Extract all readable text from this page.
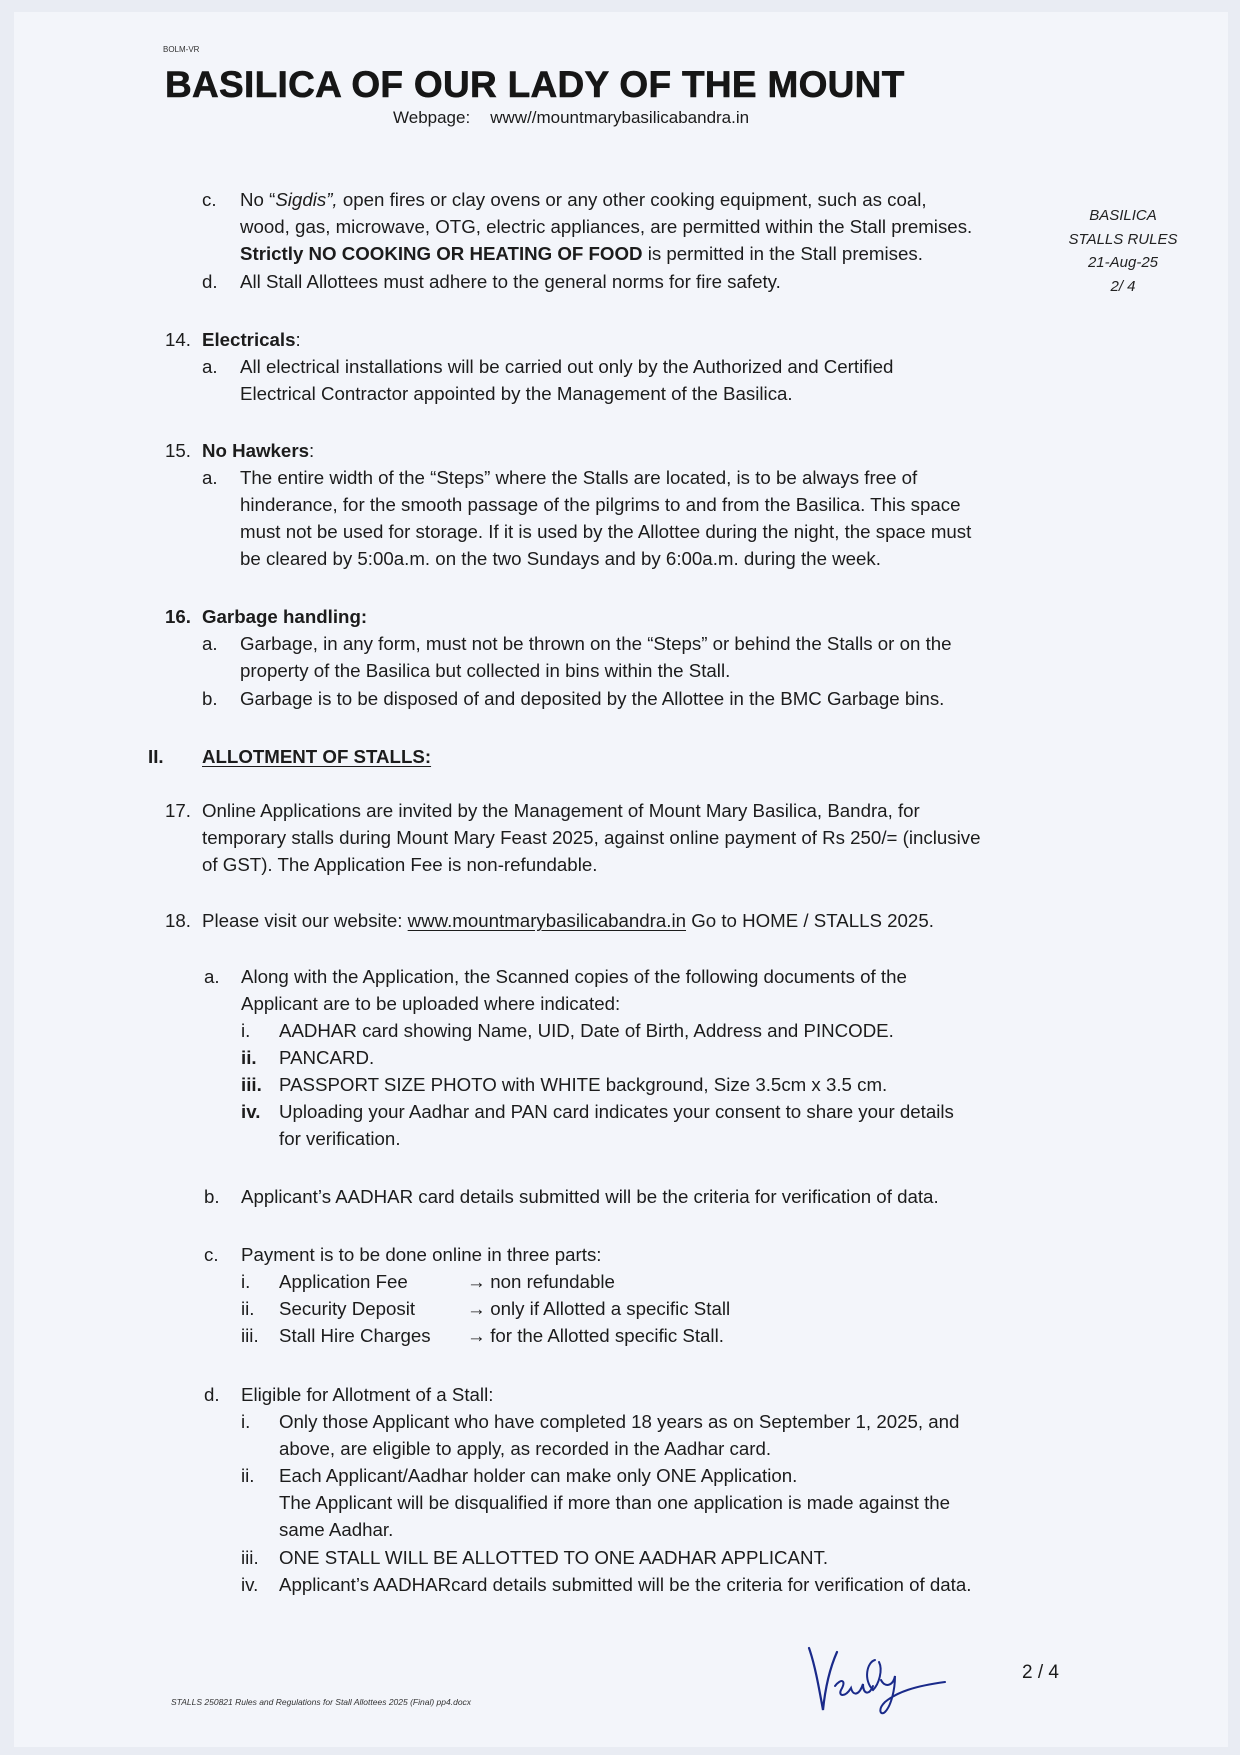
BOLM-VR
BASILICA OF OUR LADY OF THE MOUNT
Webpage: www//mountmarybasilicabandra.in
BASILICA
STALLS RULES
21-Aug-25
2/ 4
c. No “Sigdis”, open fires or clay ovens or any other cooking equipment, such as coal,
wood, gas, microwave, OTG, electric appliances, are permitted within the Stall premises.
Strictly NO COOKING OR HEATING OF FOOD is permitted in the Stall premises.
d. All Stall Allottees must adhere to the general norms for fire safety.
14. Electricals:
a. All electrical installations will be carried out only by the Authorized and Certified
Electrical Contractor appointed by the Management of the Basilica.
15. No Hawkers:
a. The entire width of the “Steps” where the Stalls are located, is to be always free of
hinderance, for the smooth passage of the pilgrims to and from the Basilica. This space
must not be used for storage. If it is used by the Allottee during the night, the space must
be cleared by 5:00a.m. on the two Sundays and by 6:00a.m. during the week.
16. Garbage handling:
a. Garbage, in any form, must not be thrown on the “Steps” or behind the Stalls or on the
property of the Basilica but collected in bins within the Stall.
b. Garbage is to be disposed of and deposited by the Allottee in the BMC Garbage bins.
II. ALLOTMENT OF STALLS:
17. Online Applications are invited by the Management of Mount Mary Basilica, Bandra, for
temporary stalls during Mount Mary Feast 2025, against online payment of Rs 250/= (inclusive
of GST). The Application Fee is non-refundable.
18. Please visit our website: www.mountmarybasilicabandra.in Go to HOME / STALLS 2025.
a. Along with the Application, the Scanned copies of the following documents of the
Applicant are to be uploaded where indicated:
i. AADHAR card showing Name, UID, Date of Birth, Address and PINCODE.
ii. PANCARD.
iii. PASSPORT SIZE PHOTO with WHITE background, Size 3.5cm x 3.5 cm.
iv. Uploading your Aadhar and PAN card indicates your consent to share your details
for verification.
b. Applicant’s AADHAR card details submitted will be the criteria for verification of data.
c. Payment is to be done online in three parts:
i. Application Fee	→ non refundable
ii. Security Deposit	→ only if Allotted a specific Stall
iii. Stall Hire Charges → for the Allotted specific Stall.
d. Eligible for Allotment of a Stall:
i. Only those Applicant who have completed 18 years as on September 1, 2025, and
above, are eligible to apply, as recorded in the Aadhar card.
ii. Each Applicant/Aadhar holder can make only ONE Application.
The Applicant will be disqualified if more than one application is made against the
same Aadhar.
iii. ONE STALL WILL BE ALLOTTED TO ONE AADHAR APPLICANT.
iv. Applicant’s AADHARcard details submitted will be the criteria for verification of data.
2 / 4
STALLS 250821 Rules and Regulations for Stall Allottees 2025 (Final) pp4.docx
